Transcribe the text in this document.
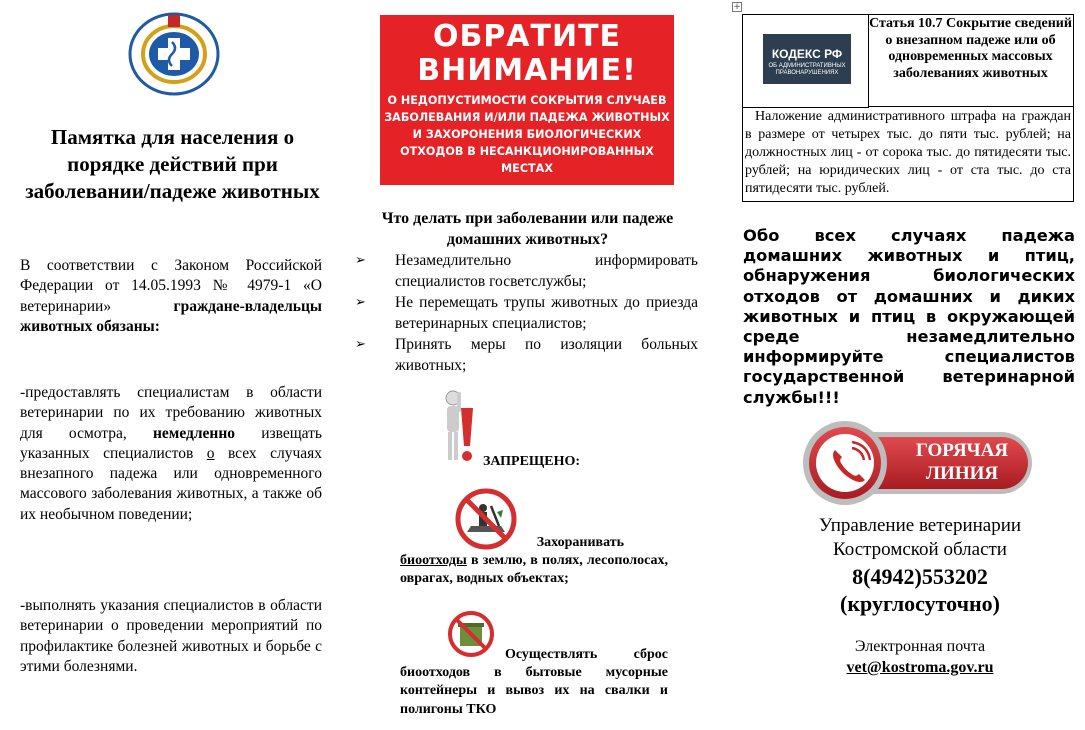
+
Памятка для населения о порядке действий при заболевании/падеже животных
В соответствии с Законом Российской Федерации от 14.05.1993 № 4979-1 «О ветеринарии»	граждане-владельцы животных обязаны:
-предоставлять специалистам в области ветеринарии по их требованию животных для осмотра, немедленно извещать указанных специалистов о всех случаях внезапного падежа или одновременного массового заболевания животных, а также об их необычном поведении;
-выполнять указания специалистов в области ветеринарии о проведении мероприятий по профилактике болезней животных и борьбе с этими болезнями.
ОБРАТИТЕ
ВНИМАНИЕ!
О НЕДОПУСТИМОСТИ СОКРЫТИЯ СЛУЧАЕВ ЗАБОЛЕВАНИЯ И/ИЛИ ПАДЕЖА ЖИВОТНЫХ И ЗАХОРОНЕНИЯ БИОЛОГИЧЕСКИХ ОТХОДОВ В НЕСАНКЦИОНИРОВАННЫХ МЕСТАХ
Что делать при заболевании или падеже домашних животных?
➢	Незамедлительно информировать специалистов госветслужбы;
➢	Не перемещать трупы животных до приезда ветеринарных специалистов;
➢	Принять меры по изоляции больных животных;
ЗАПРЕЩЕНО:
Захоранивать
биоотходы в землю, в полях, лесополосах, оврагах, водных объектах;
Осуществлять сброс биоотходов в бытовые мусорные контейнеры и вывоз их на свалки и полигоны ТКО
КОДЕКС РФ
ОБ АДМИНИСТРАТИВНЫХ ПРАВОНАРУШЕНИЯХ
Статья 10.7 Сокрытие сведений о внезапном падеже или об одновременных массовых заболеваниях животных
Наложение административного штрафа на граждан в размере от четырех тыс. до пяти тыс. рублей; на должностных лиц - от сорока тыс. до пятидесяти тыс. рублей; на юридических лиц - от ста тыс. до ста пятидесяти тыс. рублей.
Обо всех случаях падежа домашних животных и птиц, обнаружения биологических отходов от домашних и диких животных и птиц в окружающей среде незамедлительно информируйте специалистов государственной ветеринарной службы!!!
ГОРЯЧАЯ ЛИНИЯ
Управление ветеринарии Костромской области
8(4942)553202
(круглосуточно)
Электронная почта
vet@kostroma.gov.ru
